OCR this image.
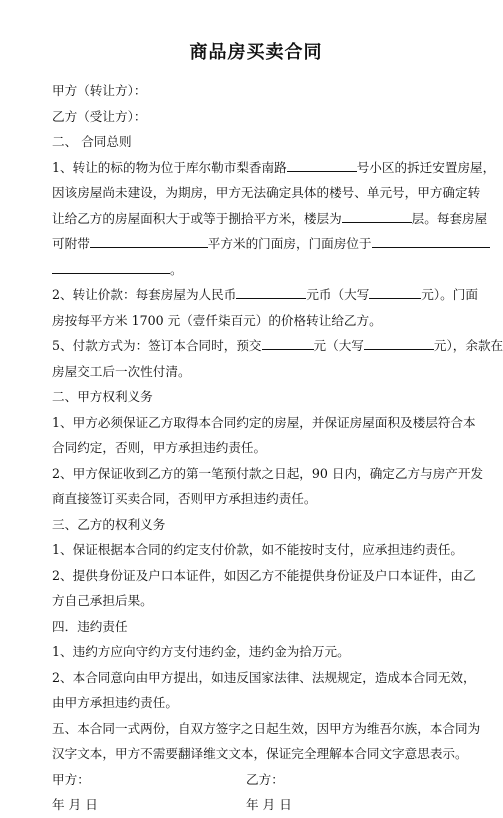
商品房买卖合同
甲方（转让方）：
乙方（受让方）：
二、 合同总则
1、转让的标的物为位于库尔勒市梨香南路	号小区的拆迁安置房屋，
因该房屋尚未建设，为期房，甲方无法确定具体的楼号、单元号，甲方确定转
让给乙方的房屋面积大于或等于捌拾平方米，楼层为	层。每套房屋
可附带	平方米的门面房，门面房位于
。
2、转让价款：每套房屋为人民币	元币（大写	元）。门面
房按每平方米 1700 元（壹仟柒百元）的价格转让给乙方。
5、付款方式为：签订本合同时，预交	元（大写	元），余款在
房屋交工后一次性付清。
二、甲方权利义务
1、甲方必须保证乙方取得本合同约定的房屋，并保证房屋面积及楼层符合本
合同约定，否则，甲方承担违约责任。
2、甲方保证收到乙方的第一笔预付款之日起，90 日内，确定乙方与房产开发
商直接签订买卖合同，否则甲方承担违约责任。
三、乙方的权利义务
1、保证根据本合同的约定支付价款，如不能按时支付，应承担违约责任。
2、提供身份证及户口本证件，如因乙方不能提供身份证及户口本证件，由乙
方自己承担后果。
四．违约责任
1、违约方应向守约方支付违约金，违约金为拾万元。
2、本合同意向由甲方提出，如违反国家法律、法规规定，造成本合同无效，
由甲方承担违约责任。
五、本合同一式两份，自双方签字之日起生效，因甲方为维吾尔族，本合同为
汉字文本，甲方不需要翻译维文文本，保证完全理解本合同文字意思表示。
甲方：	乙方：
年 月 日	年 月 日
